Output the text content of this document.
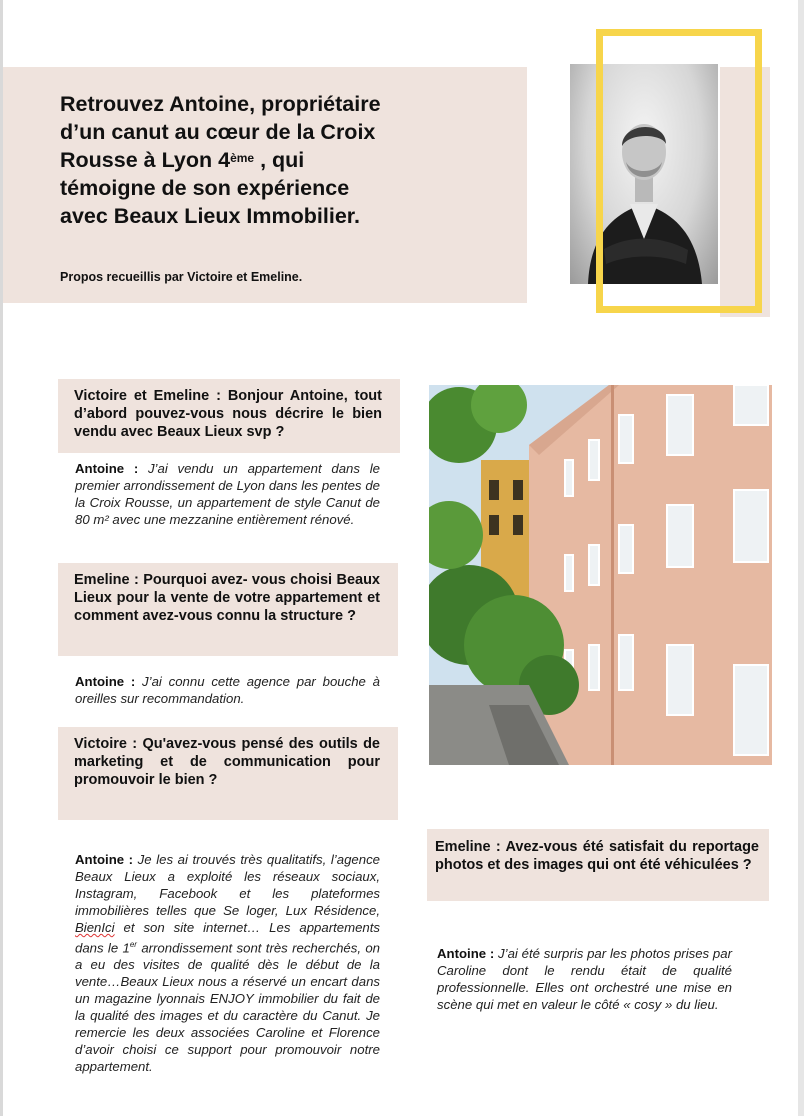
Retrouvez Antoine, propriétaire d’un canut au cœur de la Croix Rousse à Lyon 4ème , qui témoigne de son expérience avec Beaux Lieux Immobilier.
Propos recueillis par Victoire et Emeline.
Victoire et Emeline : Bonjour Antoine, tout d’abord pouvez-vous nous décrire le bien vendu avec Beaux Lieux svp ?
Antoine : J’ai vendu un appartement dans le premier arrondissement de Lyon dans les pentes de la Croix Rousse, un appartement de style Canut de 80 m² avec une mezzanine entièrement rénové.
Emeline : Pourquoi avez- vous choisi Beaux Lieux pour la vente de votre appartement et comment avez-vous connu la structure ?
Antoine : J’ai connu cette agence par bouche à oreilles sur recommandation.
Victoire : Qu'avez-vous pensé des outils de marketing et de communication pour promouvoir le bien ?
Antoine : Je les ai trouvés très qualitatifs, l’agence Beaux Lieux a exploité les réseaux sociaux, Instagram, Facebook et les plateformes immobilières telles que Se loger, Lux Résidence, BienIci et son site internet… Les appartements dans le 1er arrondissement sont très recherchés, on a eu des visites de qualité dès le début de la vente…Beaux Lieux nous a réservé un encart dans un magazine lyonnais ENJOY immobilier du fait de la qualité des images et du caractère du Canut. Je remercie les deux associées Caroline et Florence d’avoir choisi ce support pour promouvoir notre appartement.
Emeline : Avez-vous été satisfait du reportage photos et des images qui ont été véhiculées ?
Antoine : J’ai été surpris par les photos prises par Caroline dont le rendu était de qualité professionnelle. Elles ont orchestré une mise en scène qui met en valeur le côté « cosy » du lieu.
